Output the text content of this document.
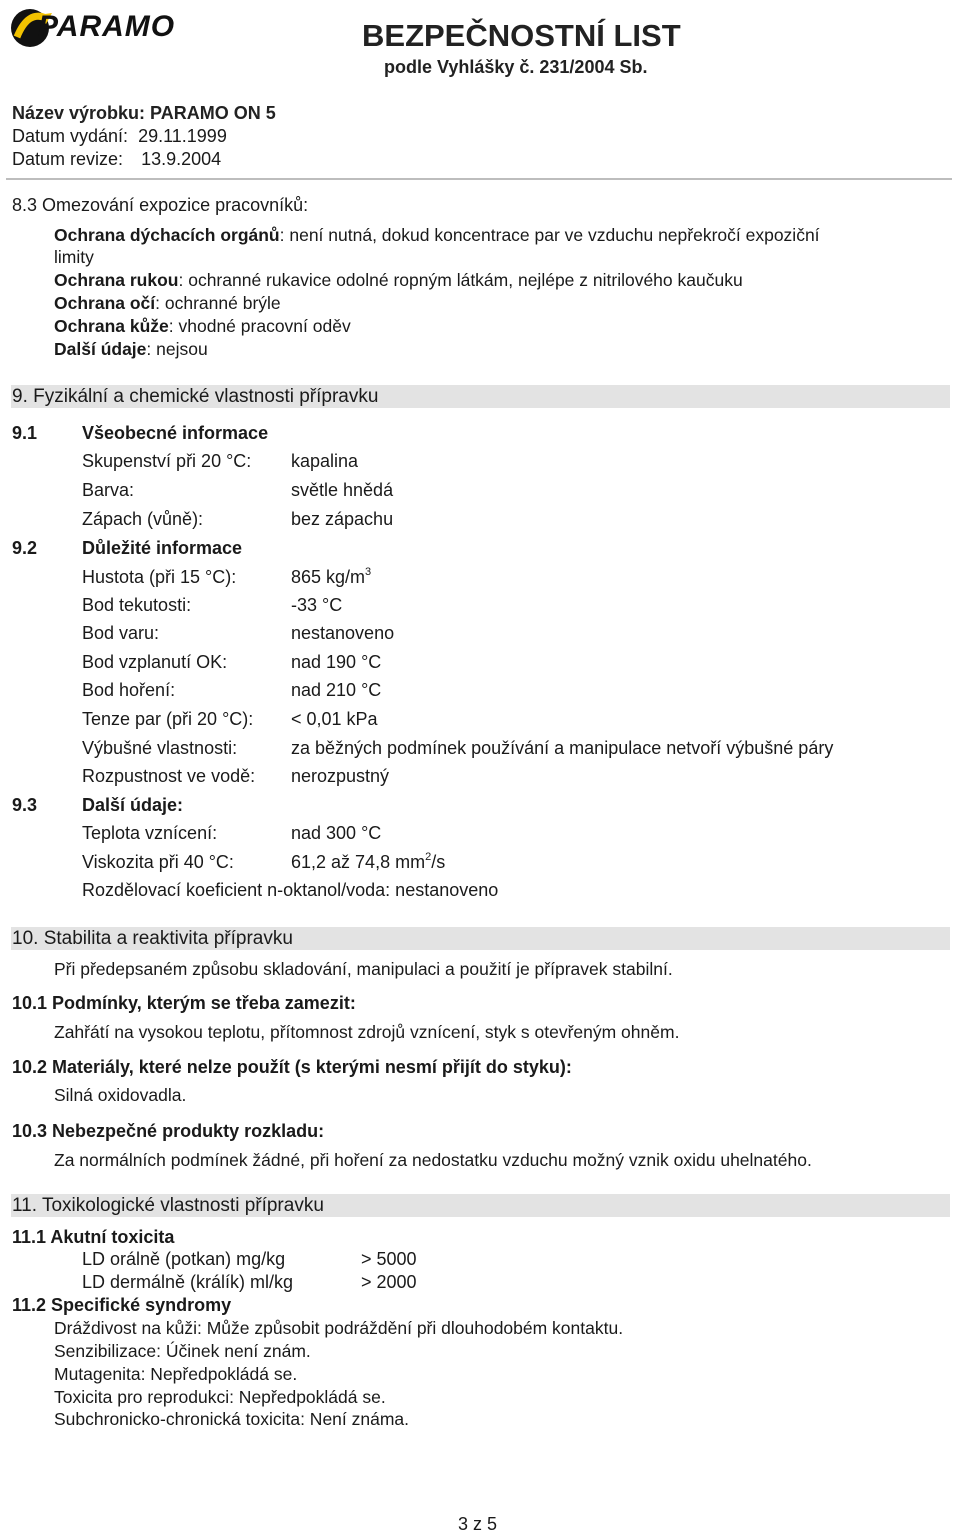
PARAMO	BEZPEČNOSTNÍ LIST
podle Vyhlášky č. 231/2004 Sb.
Název výrobku: PARAMO ON 5
Datum vydání: 29.11.1999
Datum revize: 13.9.2004
8.3 Omezování expozice pracovníků:
Ochrana dýchacích orgánů: není nutná, dokud koncentrace par ve vzduchu nepřekročí expoziční
limity
Ochrana rukou: ochranné rukavice odolné ropným látkám, nejlépe z nitrilového kaučuku
Ochrana očí: ochranné brýle
Ochrana kůže: vhodné pracovní oděv
Další údaje: nejsou
9. Fyzikální a chemické vlastnosti přípravku
9.1 Všeobecné informace
Skupenství při 20 °C: kapalina
Barva:	světle hnědá
Zápach (vůně):	bez zápachu
9.2 Důležité informace
Hustota (při 15 °C):	865 $kg/m^3$
Bod tekutosti:	-33 °C
Bod varu:	nestanoveno
Bod vzplanutí OK:	nad 190 °C
Bod hoření:	nad 210 °C
Tenze par (při 20 °C): < 0,01 kPa
Výbušné vlastnosti:	za běžných podmínek používání a manipulace netvoří výbušné páry
Rozpustnost ve vodě: nerozpustný
9.3 Další údaje:
Teplota vznícení:	nad 300 °C
Viskozita při 40 °C:	61,2 až 74,8 $mm^2/s$
Rozdělovací koeficient n-oktanol/voda: nestanoveno
10. Stabilita a reaktivita přípravku
Při předepsaném způsobu skladování, manipulaci a použití je přípravek stabilní.
10.1 Podmínky, kterým se třeba zamezit:
Zahřátí na vysokou teplotu, přítomnost zdrojů vznícení, styk s otevřeným ohněm.
10.2 Materiály, které nelze použít (s kterými nesmí přijít do styku):
Silná oxidovadla.
10.3 Nebezpečné produkty rozkladu:
Za normálních podmínek žádné, při hoření za nedostatku vzduchu možný vznik oxidu uhelnatého.
11. Toxikologické vlastnosti přípravku
11.1 Akutní toxicita
LD orálně (potkan) mg/kg	> 5000
LD dermálně (králík) ml/kg	> 2000
11.2 Specifické syndromy
Dráždivost na kůži: Může způsobit podráždění při dlouhodobém kontaktu.
Senzibilizace: Účinek není znám.
Mutagenita: Nepředpokládá se.
Toxicita pro reprodukci: Nepředpokládá se.
Subchronicko-chronická toxicita: Není známa.
3 z 5
